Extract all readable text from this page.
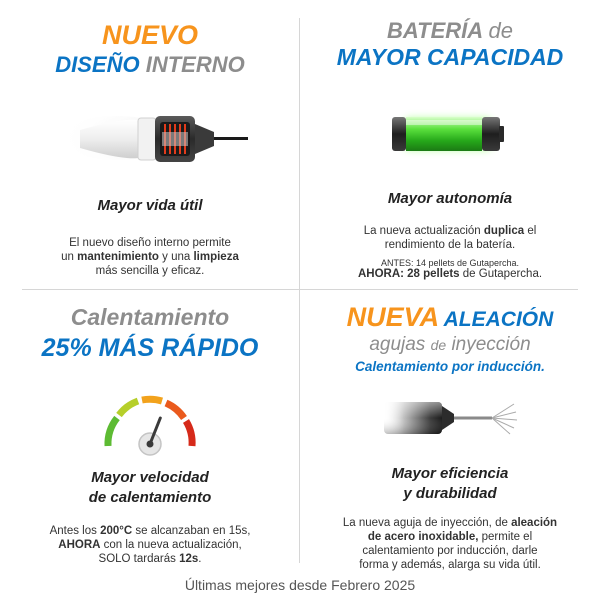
NUEVO
DISEÑO INTERNO
Mayor vida útil
El nuevo diseño interno permite
un mantenimiento y una limpieza
más sencilla y eficaz.
BATERÍA de
MAYOR CAPACIDAD
Mayor autonomía
La nueva actualización duplica el
rendimiento de la batería.
ANTES: 14 pellets de Gutapercha.
AHORA: 28 pellets de Gutapercha.
Calentamiento
25% MÁS RÁPIDO
Mayor velocidad
de calentamiento
Antes los 200°C se alcanzaban en 15s,
AHORA con la nueva actualización,
SOLO tardarás 12s.
NUEVA ALEACIÓN
agujas de inyección
Calentamiento por inducción.
Mayor eficiencia
y durabilidad
La nueva aguja de inyección, de aleación
de acero inoxidable, permite el
calentamiento por inducción, darle
forma y además, alarga su vida útil.
Últimas mejores desde Febrero 2025
